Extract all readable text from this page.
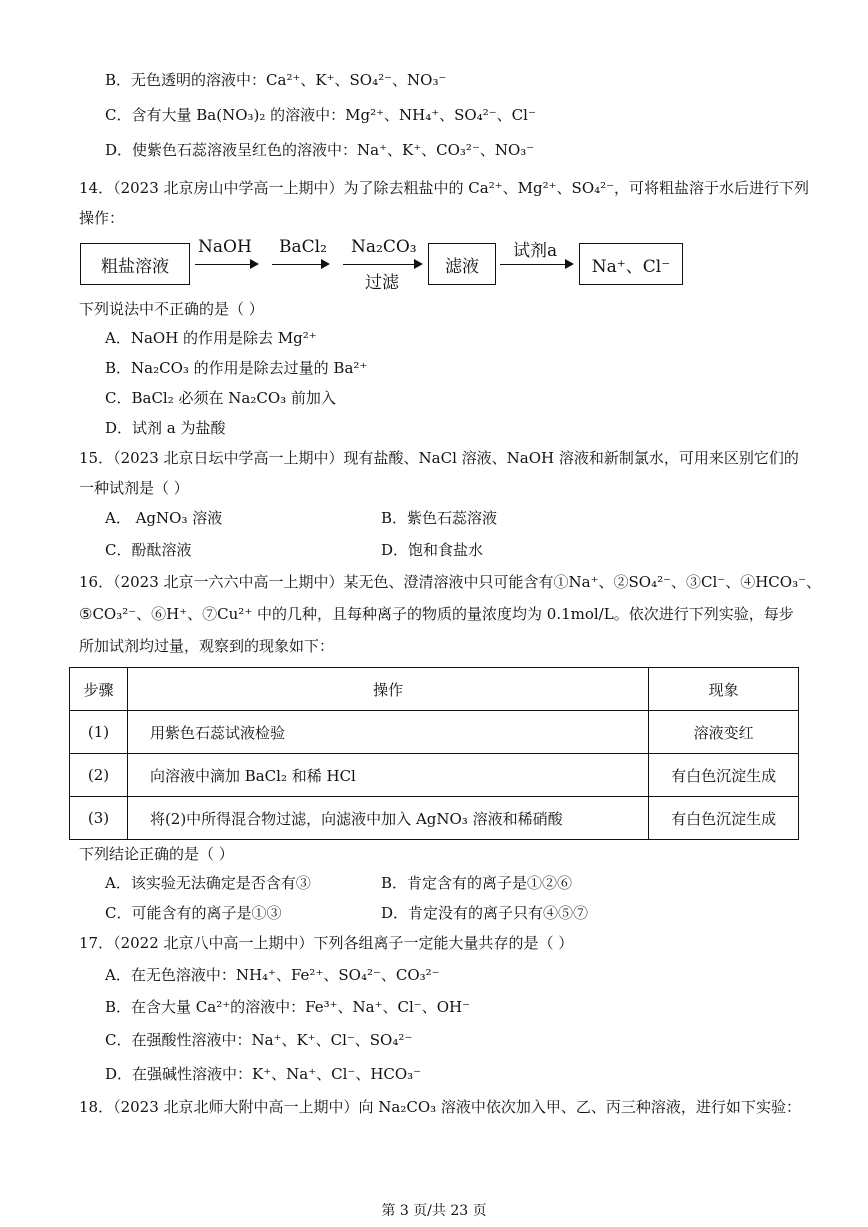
B．无色透明的溶液中：Ca²⁺、K⁺、SO₄²⁻、NO₃⁻
C．含有大量 Ba(NO₃)₂ 的溶液中：Mg²⁺、NH₄⁺、SO₄²⁻、Cl⁻
D．使紫色石蕊溶液呈红色的溶液中：Na⁺、K⁺、CO₃²⁻、NO₃⁻
14．（2023 北京房山中学高一上期中）为了除去粗盐中的 Ca²⁺、Mg²⁺、SO₄²⁻，可将粗盐溶于水后进行下列
操作：
粗盐溶液
NaOH BaCl₂ Na₂CO₃
过滤
滤液
试剂a
Na⁺、Cl⁻
下列说法中不正确的是（ ）
A．NaOH 的作用是除去 Mg²⁺
B．Na₂CO₃ 的作用是除去过量的 Ba²⁺
C．BaCl₂ 必须在 Na₂CO₃ 前加入
D．试剂 a 为盐酸
15．（2023 北京日坛中学高一上期中）现有盐酸、NaCl 溶液、NaOH 溶液和新制氯水，可用来区别它们的
一种试剂是（ ）
A． AgNO₃ 溶液	B．紫色石蕊溶液
C．酚酞溶液	D．饱和食盐水
16．（2023 北京一六六中高一上期中）某无色、澄清溶液中只可能含有①Na⁺、②SO₄²⁻、③Cl⁻、④HCO₃⁻、
⑤CO₃²⁻、⑥H⁺、⑦Cu²⁺ 中的几种，且每种离子的物质的量浓度均为 0.1mol/L。依次进行下列实验，每步
所加试剂均过量，观察到的现象如下：
步骤	操作	现象
(1)	用紫色石蕊试液检验	溶液变红
(2)	向溶液中滴加 BaCl₂ 和稀 HCl	有白色沉淀生成
(3)	将(2)中所得混合物过滤，向滤液中加入 AgNO₃ 溶液和稀硝酸	有白色沉淀生成
下列结论正确的是（ ）
A．该实验无法确定是否含有③	B．肯定含有的离子是①②⑥
C．可能含有的离子是①③	D．肯定没有的离子只有④⑤⑦
17．（2022 北京八中高一上期中）下列各组离子一定能大量共存的是（ ）
A．在无色溶液中：NH₄⁺、Fe²⁺、SO₄²⁻、CO₃²⁻
B．在含大量 Ca²⁺的溶液中：Fe³⁺、Na⁺、Cl⁻、OH⁻
C．在强酸性溶液中：Na⁺、K⁺、Cl⁻、SO₄²⁻
D．在强碱性溶液中：K⁺、Na⁺、Cl⁻、HCO₃⁻
18．（2023 北京北师大附中高一上期中）向 Na₂CO₃ 溶液中依次加入甲、乙、丙三种溶液，进行如下实验：
第 3 页/共 23 页
